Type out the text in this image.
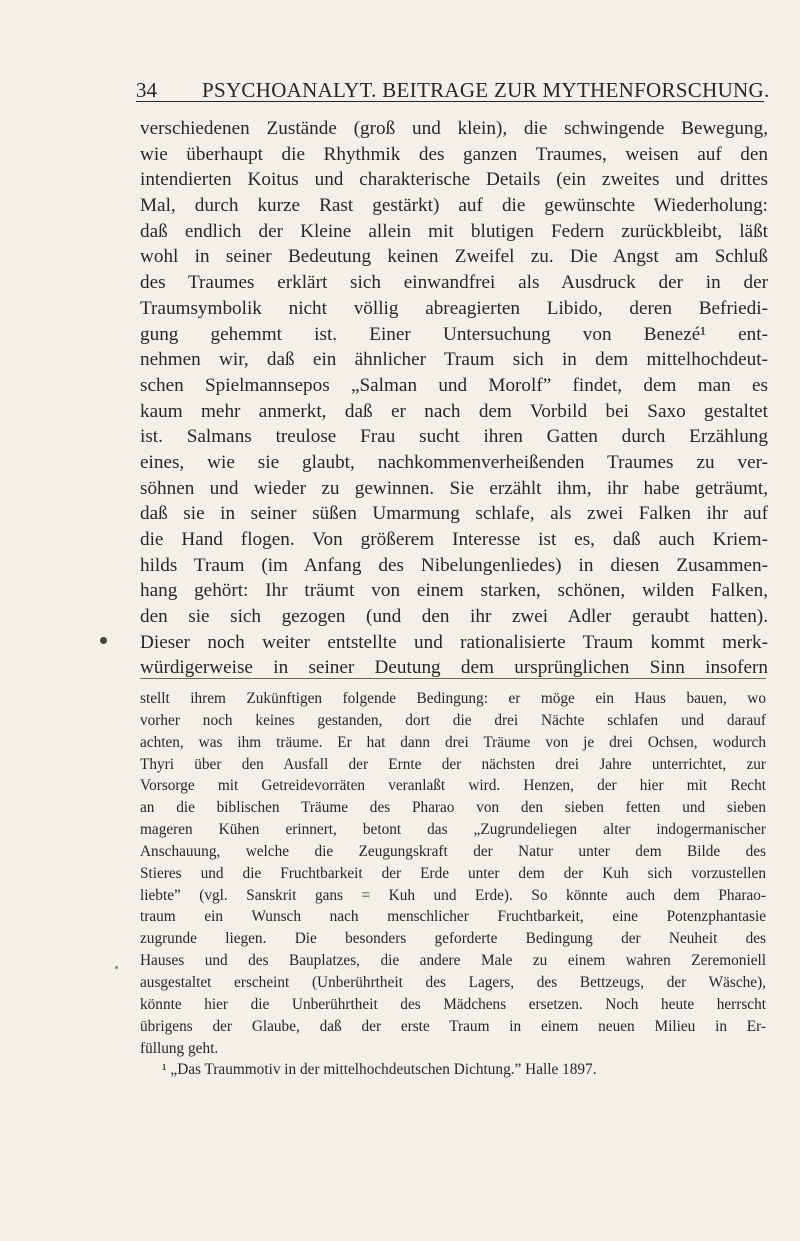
34 PSYCHOANALYT. BEITRAGE ZUR MYTHENFORSCHUNG.
verschiedenen Zustände (groß und klein), die schwingende Bewegung,
wie überhaupt die Rhythmik des ganzen Traumes, weisen auf den
intendierten Koitus und charakterische Details (ein zweites und drittes
Mal, durch kurze Rast gestärkt) auf die gewünschte Wiederholung:
daß endlich der Kleine allein mit blutigen Federn zurückbleibt, läßt
wohl in seiner Bedeutung keinen Zweifel zu. Die Angst am Schluß
des Traumes erklärt sich einwandfrei als Ausdruck der in der
Traumsymbolik nicht völlig abreagierten Libido, deren Befriedi-
gung gehemmt ist. Einer Untersuchung von Benezé¹ ent-
nehmen wir, daß ein ähnlicher Traum sich in dem mittelhochdeut-
schen Spielmannsepos „Salman und Morolf” findet, dem man es
kaum mehr anmerkt, daß er nach dem Vorbild bei Saxo gestaltet
ist. Salmans treulose Frau sucht ihren Gatten durch Erzählung
eines, wie sie glaubt, nachkommenverheißenden Traumes zu ver-
söhnen und wieder zu gewinnen. Sie erzählt ihm, ihr habe geträumt,
daß sie in seiner süßen Umarmung schlafe, als zwei Falken ihr auf
die Hand flogen. Von größerem Interesse ist es, daß auch Kriem-
hilds Traum (im Anfang des Nibelungenliedes) in diesen Zusammen-
hang gehört: Ihr träumt von einem starken, schönen, wilden Falken,
den sie sich gezogen (und den ihr zwei Adler geraubt hatten).
Dieser noch weiter entstellte und rationalisierte Traum kommt merk-
würdigerweise in seiner Deutung dem ursprünglichen Sinn insofern
stellt ihrem Zukünftigen folgende Bedingung: er möge ein Haus bauen, wo
vorher noch keines gestanden, dort die drei Nächte schlafen und darauf
achten, was ihm träume. Er hat dann drei Träume von je drei Ochsen, wodurch
Thyri über den Ausfall der Ernte der nächsten drei Jahre unterrichtet, zur
Vorsorge mit Getreidevorräten veranlaßt wird. Henzen, der hier mit Recht
an die biblischen Träume des Pharao von den sieben fetten und sieben
mageren Kühen erinnert, betont das „Zugrundeliegen alter indogermanischer
Anschauung, welche die Zeugungskraft der Natur unter dem Bilde des
Stieres und die Fruchtbarkeit der Erde unter dem der Kuh sich vorzustellen
liebte” (vgl. Sanskrit gans = Kuh und Erde). So könnte auch dem Pharao-
traum ein Wunsch nach menschlicher Fruchtbarkeit, eine Potenzphantasie
zugrunde liegen. Die besonders geforderte Bedingung der Neuheit des
Hauses und des Bauplatzes, die andere Male zu einem wahren Zeremoniell
ausgestaltet erscheint (Unberührtheit des Lagers, des Bettzeugs, der Wäsche),
könnte hier die Unberührtheit des Mädchens ersetzen. Noch heute herrscht
übrigens der Glaube, daß der erste Traum in einem neuen Milieu in Er-
füllung geht.
¹ „Das Traummotiv in der mittelhochdeutschen Dichtung.” Halle 1897.
